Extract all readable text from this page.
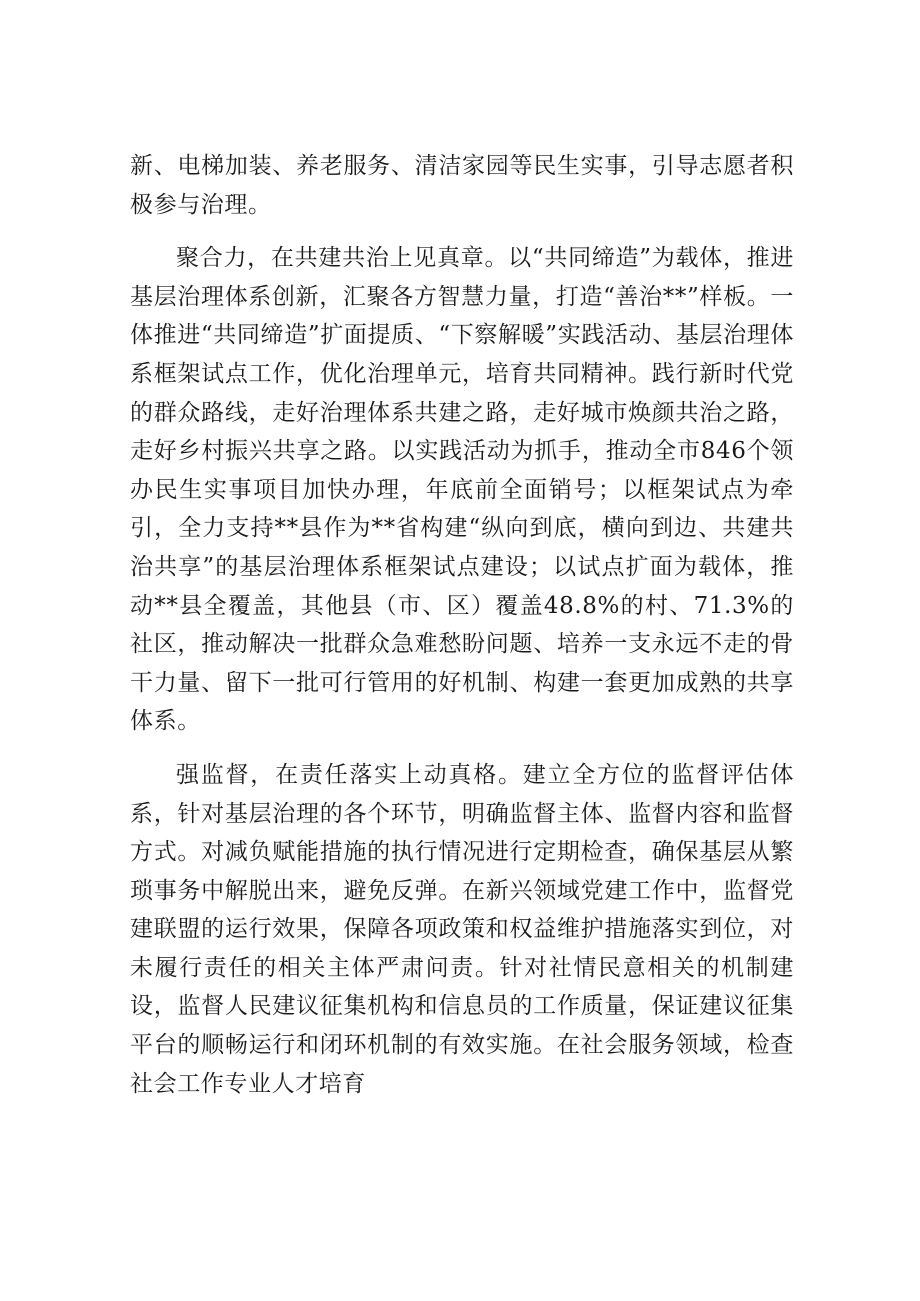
新、电梯加装、养老服务、清洁家园等民生实事，引导志愿者积极参与治理。

聚合力，在共建共治上见真章。以“共同缔造”为载体，推进基层治理体系创新，汇聚各方智慧力量，打造“善治**”样板。一体推进“共同缔造”扩面提质、“下察解暖”实践活动、基层治理体系框架试点工作，优化治理单元，培育共同精神。践行新时代党的群众路线，走好治理体系共建之路，走好城市焕颜共治之路，走好乡村振兴共享之路。以实践活动为抓手，推动全市846个领办民生实事项目加快办理，年底前全面销号；以框架试点为牵引，全力支持**县作为**省构建“纵向到底，横向到边、共建共治共享”的基层治理体系框架试点建设；以试点扩面为载体，推动**县全覆盖，其他县（市、区）覆盖48.8%的村、71.3%的社区，推动解决一批群众急难愁盼问题、培养一支永远不走的骨干力量、留下一批可行管用的好机制、构建一套更加成熟的共享体系。

强监督，在责任落实上动真格。建立全方位的监督评估体系，针对基层治理的各个环节，明确监督主体、监督内容和监督方式。对减负赋能措施的执行情况进行定期检查，确保基层从繁琐事务中解脱出来，避免反弹。在新兴领域党建工作中，监督党建联盟的运行效果，保障各项政策和权益维护措施落实到位，对未履行责任的相关主体严肃问责。针对社情民意相关的机制建设，监督人民建议征集机构和信息员的工作质量，保证建议征集平台的顺畅运行和闭环机制的有效实施。在社会服务领域，检查社会工作专业人才培育
